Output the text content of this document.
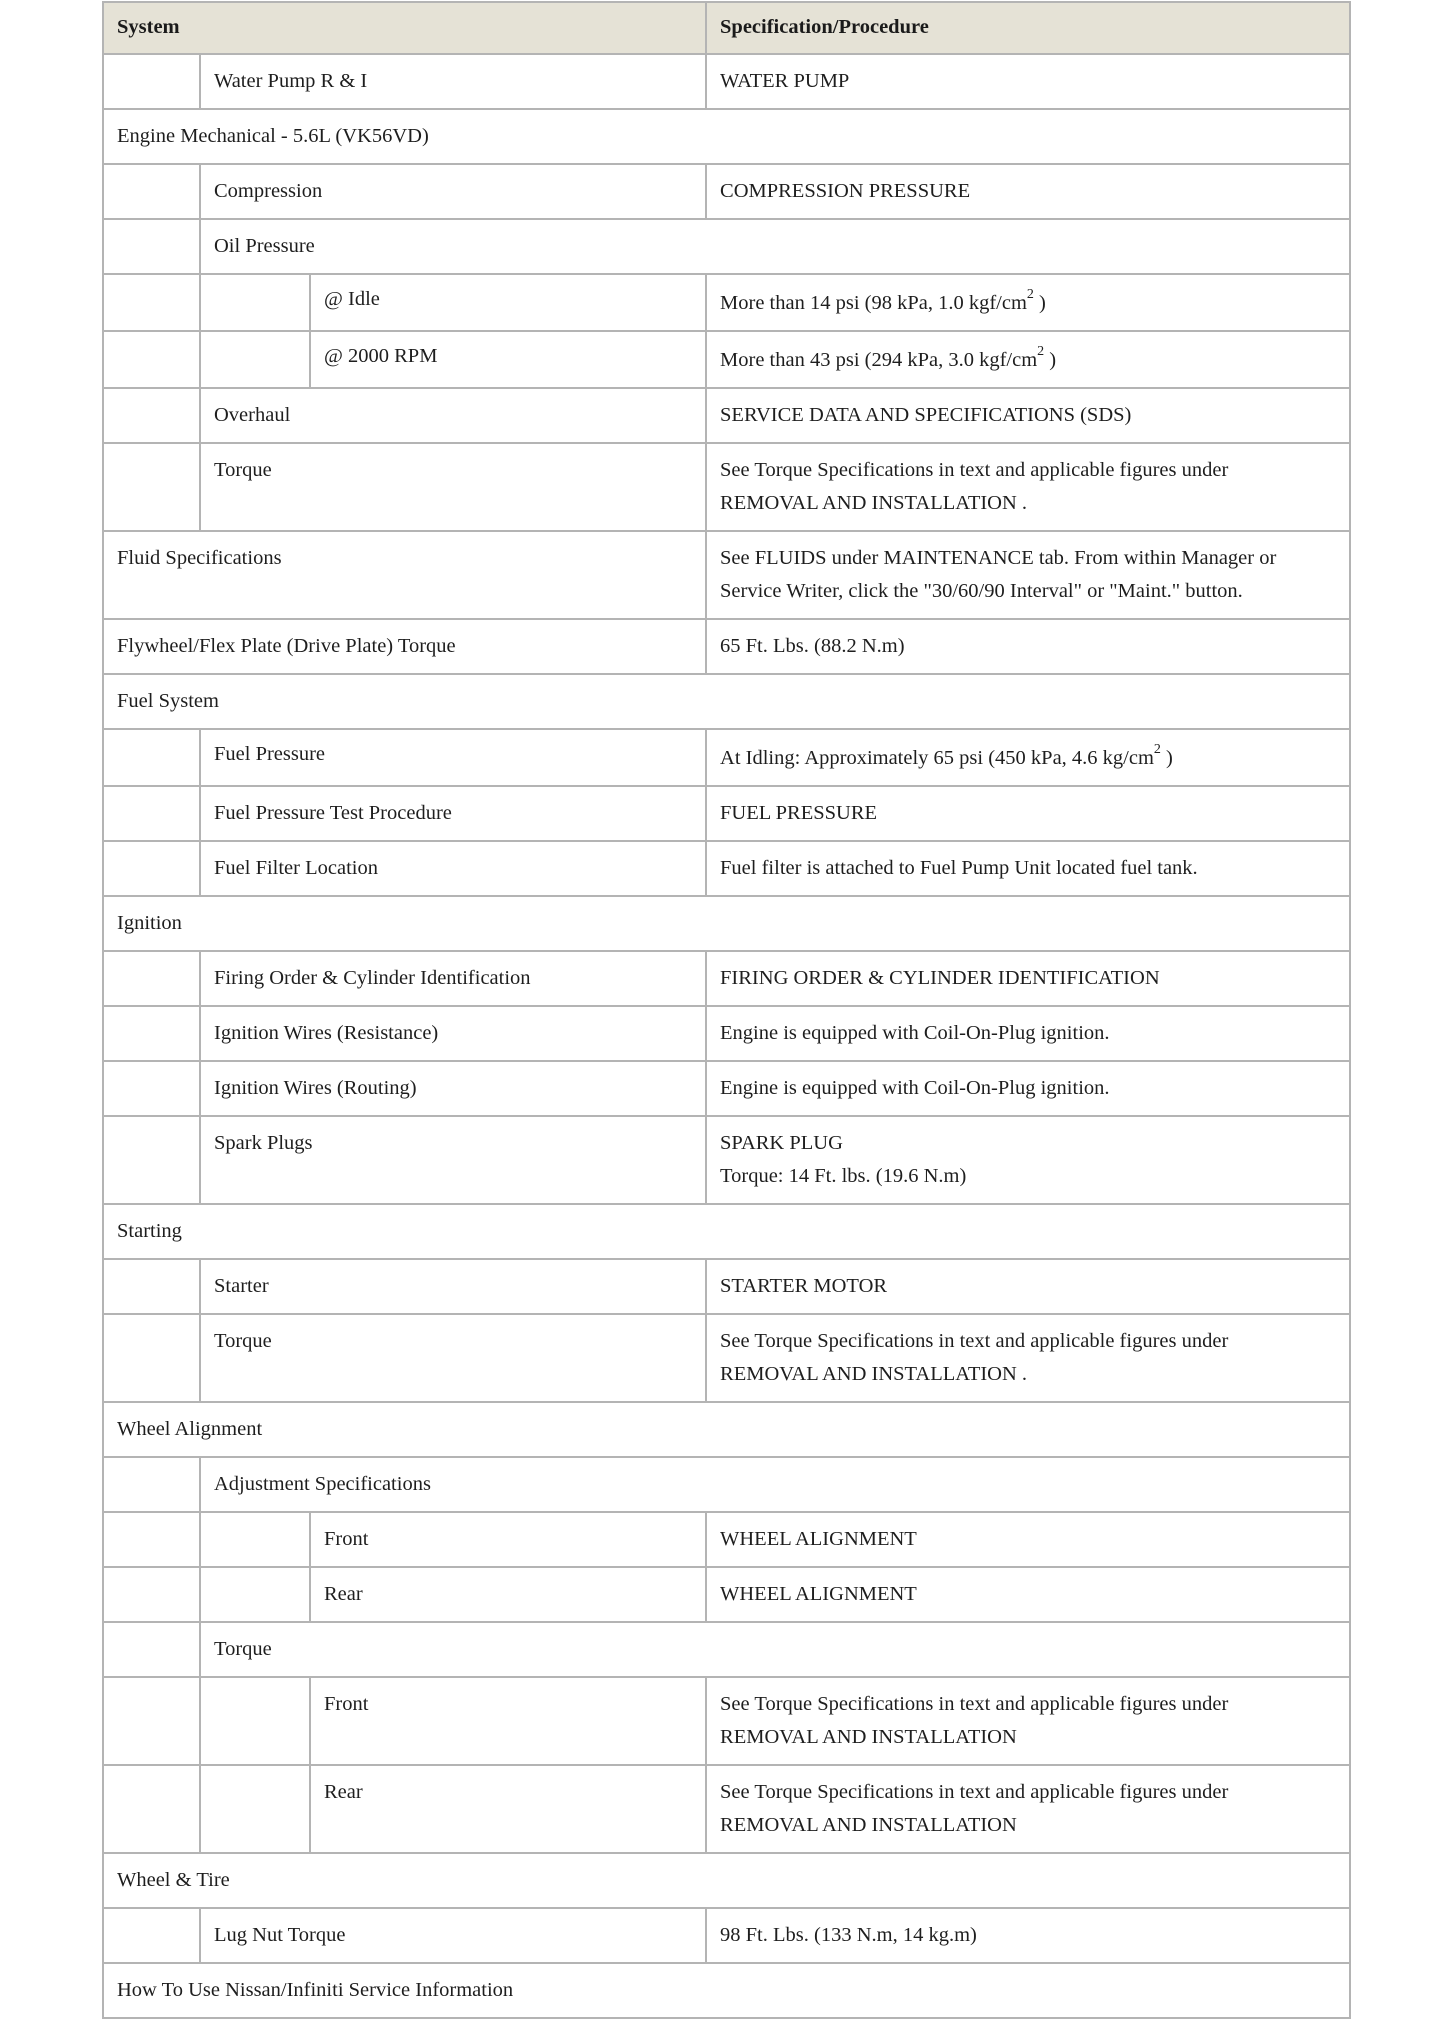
System			Specification/Procedure
	Water Pump R & I		WATER PUMP
Engine Mechanical - 5.6L (VK56VD)			
	Compression		COMPRESSION PRESSURE
	Oil Pressure		
		@ Idle	More than 14 psi (98 kPa, 1.0 kgf/$cm^2$ )
		@ 2000 RPM	More than 43 psi (294 kPa, 3.0 kgf/$cm^2$ )
	Overhaul		SERVICE DATA AND SPECIFICATIONS (SDS)
	Torque		See Torque Specifications in text and applicable figures under
REMOVAL AND INSTALLATION .

Fluid Specifications			See FLUIDS under MAINTENANCE tab. From within Manager or
Service Writer, click the "30/60/90 Interval" or "Maint." button.

Flywheel/Flex Plate (Drive Plate) Torque			65 Ft. Lbs. (88.2 N.m)
Fuel System			
	Fuel Pressure		At Idling: Approximately 65 psi (450 kPa, 4.6 $kg/cm^2$ )
	Fuel Pressure Test Procedure		FUEL PRESSURE
	Fuel Filter Location		Fuel filter is attached to Fuel Pump Unit located fuel tank.
Ignition			
	Firing Order & Cylinder Identification		FIRING ORDER & CYLINDER IDENTIFICATION
	Ignition Wires (Resistance)		Engine is equipped with Coil-On-Plug ignition.
	Ignition Wires (Routing)		Engine is equipped with Coil-On-Plug ignition.
	Spark Plugs		SPARK PLUG
Torque: 14 Ft. lbs. (19.6 N.m)

Starting			
	Starter		STARTER MOTOR
	Torque		See Torque Specifications in text and applicable figures under
REMOVAL AND INSTALLATION .

Wheel Alignment			
	Adjustment Specifications		
		Front	WHEEL ALIGNMENT
		Rear	WHEEL ALIGNMENT
	Torque		
		Front	See Torque Specifications in text and applicable figures under
REMOVAL AND INSTALLATION

		Rear	See Torque Specifications in text and applicable figures under
REMOVAL AND INSTALLATION

Wheel & Tire			
	Lug Nut Torque		98 Ft. Lbs. (133 N.m, 14 kg.m)
How To Use Nissan/Infiniti Service Information			
